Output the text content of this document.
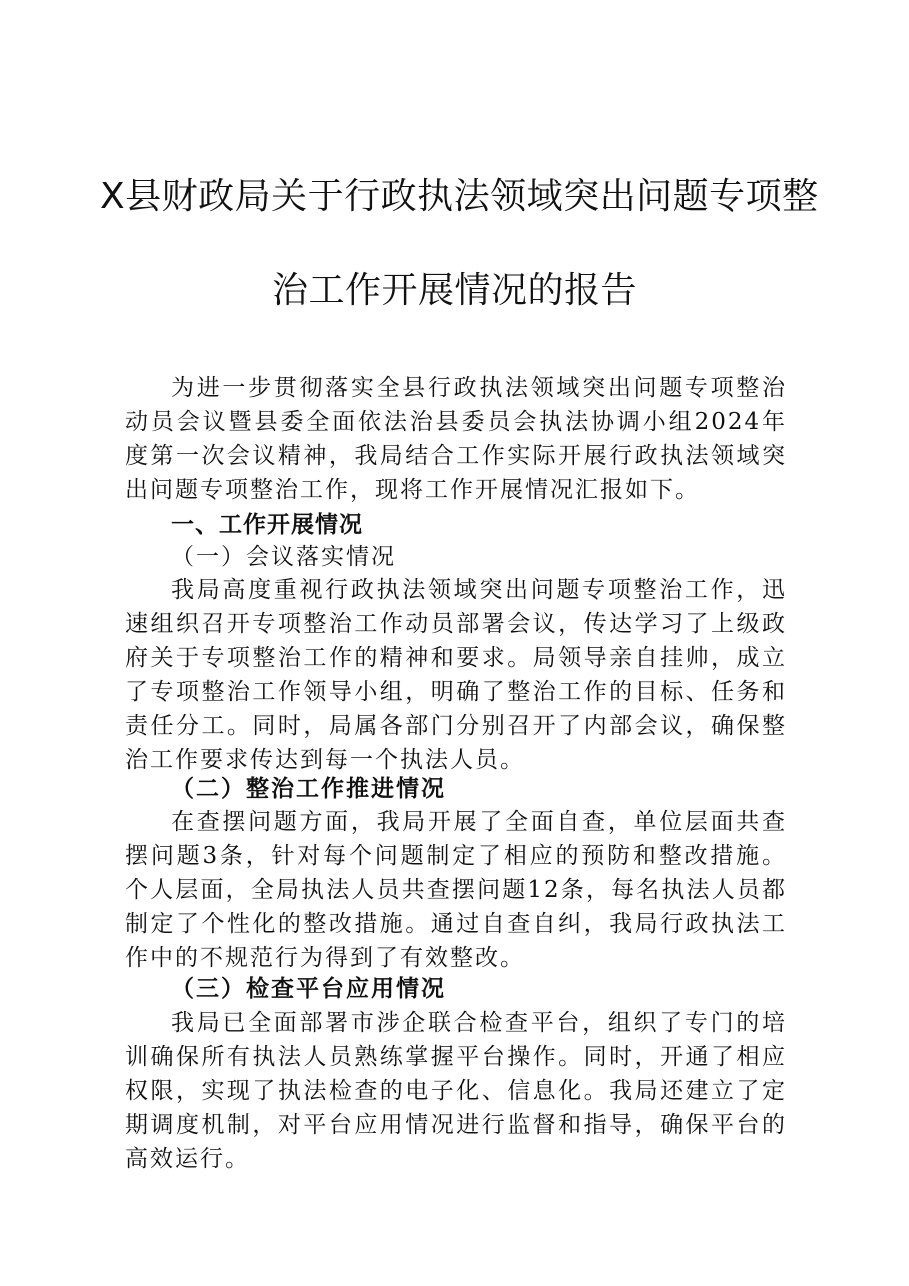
X县财政局关于行政执法领域突出问题专项整
治工作开展情况的报告

为进一步贯彻落实全县行政执法领域突出问题专项整治动员会议暨县委全面依法治县委员会执法协调小组2024年度第一次会议精神，我局结合工作实际开展行政执法领域突出问题专项整治工作，现将工作开展情况汇报如下。

一、工作开展情况

（一）会议落实情况

我局高度重视行政执法领域突出问题专项整治工作，迅速组织召开专项整治工作动员部署会议，传达学习了上级政府关于专项整治工作的精神和要求。局领导亲自挂帅，成立了专项整治工作领导小组，明确了整治工作的目标、任务和责任分工。同时，局属各部门分别召开了内部会议，确保整治工作要求传达到每一个执法人员。

（二）整治工作推进情况

在查摆问题方面，我局开展了全面自查，单位层面共查摆问题3条，针对每个问题制定了相应的预防和整改措施。个人层面，全局执法人员共查摆问题12条，每名执法人员都制定了个性化的整改措施。通过自查自纠，我局行政执法工作中的不规范行为得到了有效整改。

（三）检查平台应用情况

我局已全面部署市涉企联合检查平台，组织了专门的培训确保所有执法人员熟练掌握平台操作。同时，开通了相应权限，实现了执法检查的电子化、信息化。我局还建立了定期调度机制，对平台应用情况进行监督和指导，确保平台的高效运行。
